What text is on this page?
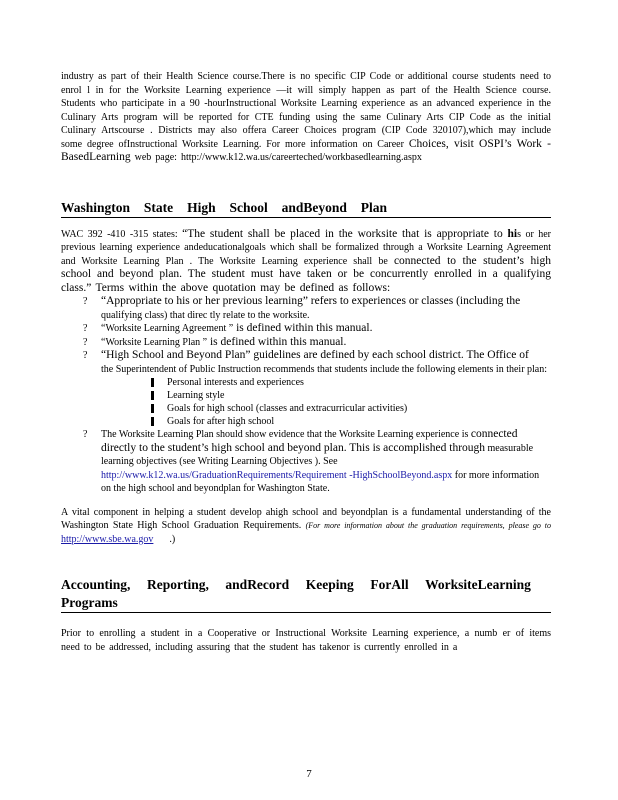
industry as part of their Health Science course.There is no specific CIP Code or additional course students need to enrol l in for the Worksite Learning experience —it will simply happen as part of the Health Science course. Students who participate in a 90 -hourInstructional Worksite Learning experience as an advanced experience in the Culinary Arts program will be reported for CTE funding using the same Culinary Arts CIP Code as the initial Culinary Artscourse . Districts may also offera Career Choices program (CIP Code 320107),which may include some degree ofInstructional Worksite Learning. For more information on Career Choices, visit OSPI’s Work -BasedLearning web page: http://www.k12.wa.us/careerteched/workbasedlearning.aspx

Washington State High School andBeyond Plan

WAC 392 -410 -315 states: “The student shall be placed in the worksite that is appropriate to his or her previous learning experience andeducationalgoals which shall be formalized through a Worksite Learning Agreement and Worksite Learning Plan . The Worksite Learning experience shall be connected to the student’s high school and beyond plan. The student must have taken or be concurrently enrolled in a qualifying class.” Terms within the above quotation may be defined as follows:

? “Appropriate to his or her previous learning” refers to experiences or classes (including the
qualifying class) that direc tly relate to the worksite.
? “Worksite Learning Agreement ” is defined within this manual.
? “Worksite Learning Plan ” is defined within this manual.
? “High School and Beyond Plan” guidelines are defined by each school district. The Office of
the Superintendent of Public Instruction recommends that students include the following elements in their plan:
Personal interests and experiences
Learning style
Goals for high school (classes and extracurricular activities)
Goals for after high school
? The Worksite Learning Plan should show evidence that the Worksite Learning experience is connected directly to the student’s high school and beyond plan. This is accomplished through measurable learning objectives (see Writing Learning Objectives ). See http://www.k12.wa.us/GraduationRequirements/Requirement -HighSchoolBeyond.aspx for more information on the high school and beyondplan for Washington State.

A vital component in helping a student develop ahigh school and beyondplan is a fundamental understanding of the Washington State High School Graduation Requirements. (For more information about the graduation requirements, please go to http://www.sbe.wa.gov .)

Accounting, Reporting, andRecord Keeping ForAll WorksiteLearning
Programs

Prior to enrolling a student in a Cooperative or Instructional Worksite Learning experience, a numb er of items need to be addressed, including assuring that the student has takenor is currently enrolled in a

7
